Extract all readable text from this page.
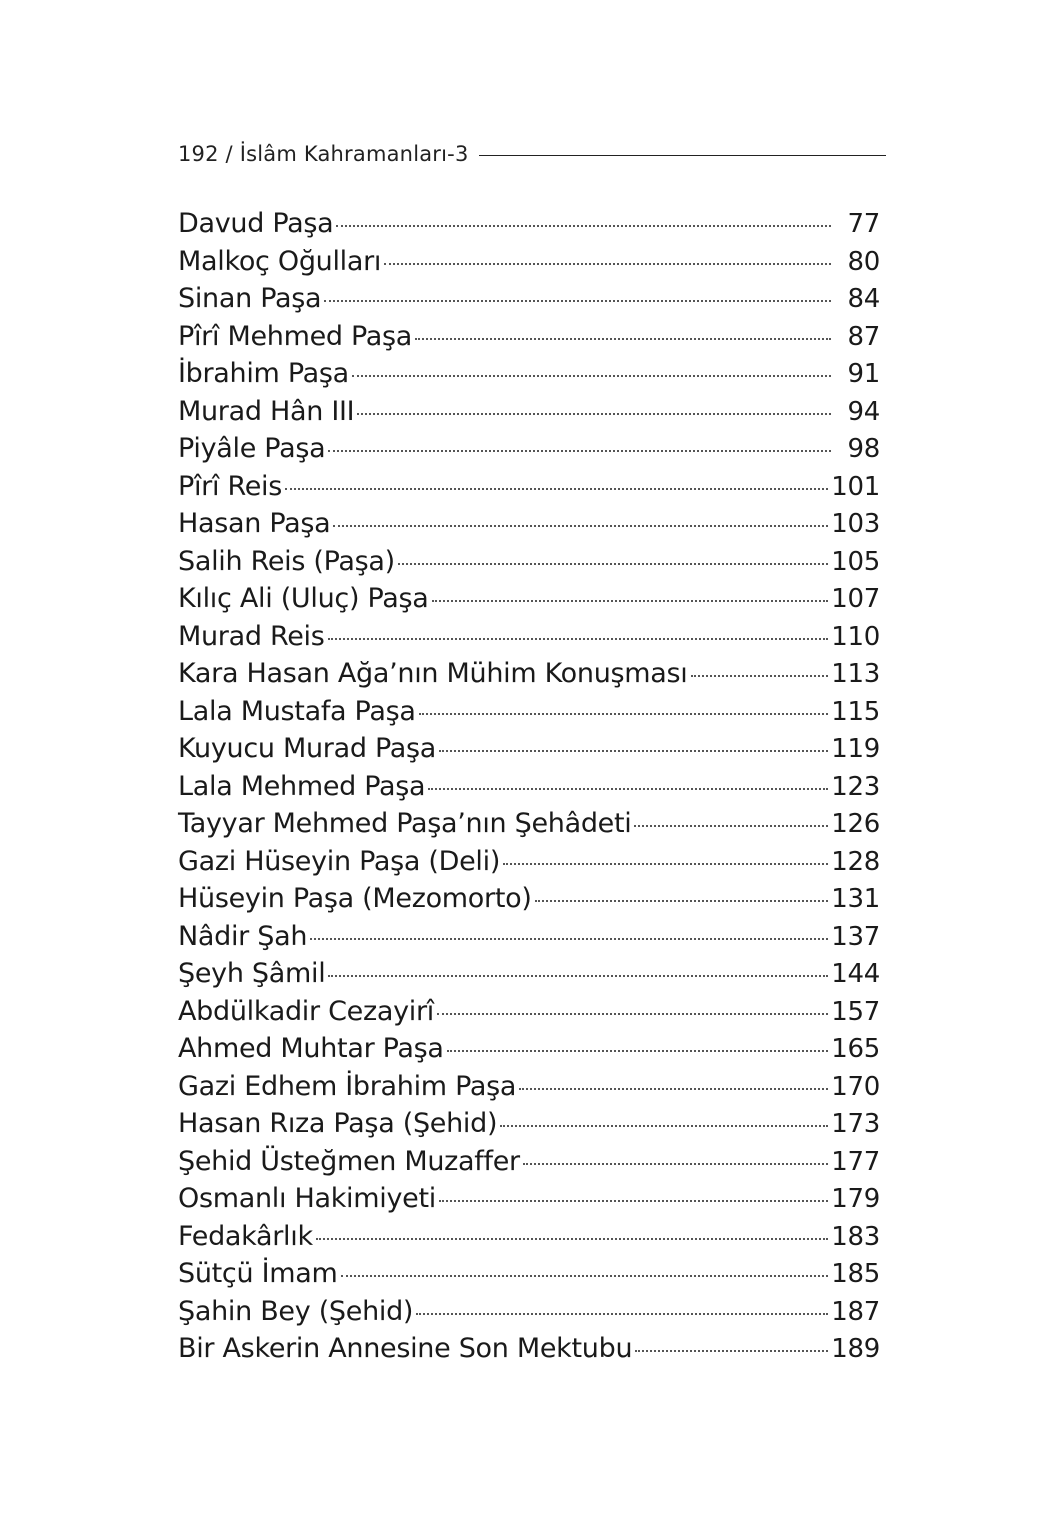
192 / İslâm Kahramanları-3
Davud Paşa	77
Malkoç Oğulları	80
Sinan Paşa	84
Pîrî Mehmed Paşa	87
İbrahim Paşa	91
Murad Hân III	94
Piyâle Paşa	98
Pîrî Reis	101
Hasan Paşa	103
Salih Reis (Paşa)	105
Kılıç Ali (Uluç) Paşa	107
Murad Reis	110
Kara Hasan Ağa’nın Mühim Konuşması	113
Lala Mustafa Paşa	115
Kuyucu Murad Paşa	119
Lala Mehmed Paşa	123
Tayyar Mehmed Paşa’nın Şehâdeti	126
Gazi Hüseyin Paşa (Deli)	128
Hüseyin Paşa (Mezomorto)	131
Nâdir Şah	137
Şeyh Şâmil	144
Abdülkadir Cezayirî	157
Ahmed Muhtar Paşa	165
Gazi Edhem İbrahim Paşa	170
Hasan Rıza Paşa (Şehid)	173
Şehid Üsteğmen Muzaffer	177
Osmanlı Hakimiyeti	179
Fedakârlık	183
Sütçü İmam	185
Şahin Bey (Şehid)	187
Bir Askerin Annesine Son Mektubu	189
